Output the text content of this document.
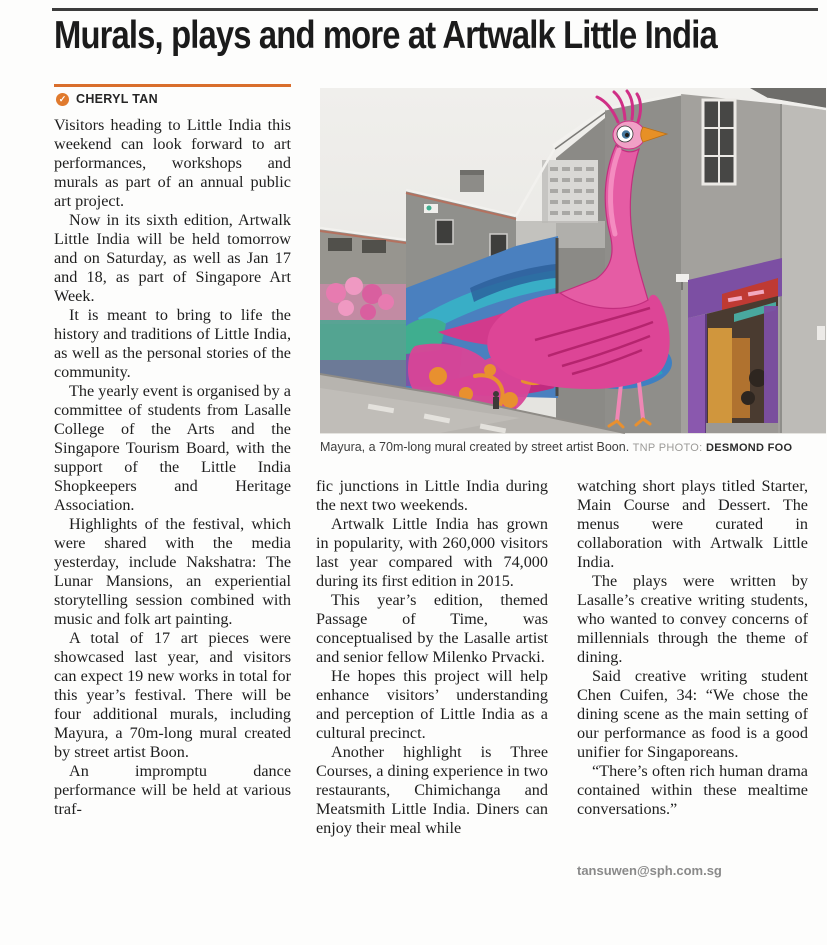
Murals, plays and more at Artwalk Little India
✓ CHERYL TAN

Visitors heading to Little India this weekend can look forward to art performances, workshops and murals as part of an annual public art project.

Now in its sixth edition, Artwalk Little India will be held tomorrow and on Saturday, as well as Jan 17 and 18, as part of Singapore Art Week.

It is meant to bring to life the history and traditions of Little India, as well as the personal stories of the community.

The yearly event is organised by a committee of students from Lasalle College of the Arts and the Singapore Tourism Board, with the support of the Little India Shopkeepers and Heritage Association.

Highlights of the festival, which were shared with the media yesterday, include Nakshatra: The Lunar Mansions, an experiential storytelling session combined with music and folk art painting.

A total of 17 art pieces were showcased last year, and visitors can expect 19 new works in total for this year’s festival. There will be four additional murals, including Mayura, a 70m-long mural created by street artist Boon.

An impromptu dance performance will be held at various traf-

Mayura, a 70m-long mural created by street artist Boon. TNP PHOTO: DESMOND FOO

fic junctions in Little India during the next two weekends.

Artwalk Little India has grown in popularity, with 260,000 visitors last year compared with 74,000 during its first edition in 2015.

This year’s edition, themed Passage of Time, was conceptualised by the Lasalle artist and senior fellow Milenko Prvacki.

He hopes this project will help enhance visitors’ understanding and perception of Little India as a cultural precinct.

Another highlight is Three Courses, a dining experience in two restaurants, Chimichanga and Meatsmith Little India. Diners can enjoy their meal while

watching short plays titled Starter, Main Course and Dessert. The menus were curated in collaboration with Artwalk Little India.

The plays were written by Lasalle’s creative writing students, who wanted to convey concerns of millennials through the theme of dining.

Said creative writing student Chen Cuifen, 34: “We chose the dining scene as the main setting of our performance as food is a good unifier for Singaporeans.

“There’s often rich human drama contained within these mealtime conversations.”

tansuwen@sph.com.sg
